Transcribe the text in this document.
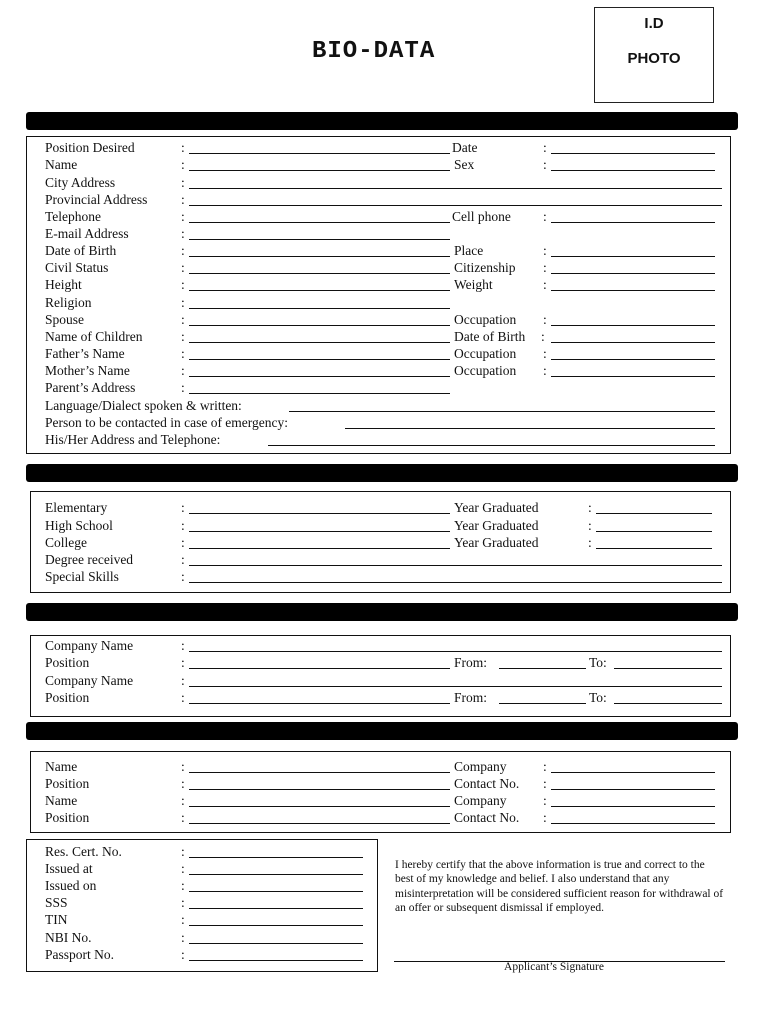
BIO-DATA
I.D
PHOTO
Position Desired	:	Date	:
Name	:	Sex	:
City Address	:
Provincial Address :
Telephone	:	Cell phone :
E-mail Address	:
Date of Birth	:	Place	:
Civil Status	:	Citizenship :
Height	:	Weight	:
Religion	:
Spouse	:	Occupation :
Name of Children	:	Date of Birth :
Father’s Name	:	Occupation :
Mother’s Name	:	Occupation :
Parent’s Address	:
Language/Dialect spoken & written:
Person to be contacted in case of emergency:
His/Her Address and Telephone:
Elementary	:	Year Graduated	:
High School	:	Year Graduated	:
College	:	Year Graduated	:
Degree received	:
Special Skills	:
Company Name	:
Position	:	From:	To:
Company Name	:
Position	:	From:	To:
Name	:	Company	:
Position	:	Contact No. :
Name	:	Company	:
Position	:	Contact No. :
Res. Cert. No.	:
Issued at	:
Issued on	:
SSS	:
TIN	:
NBI No.	:
Passport No.	:
I hereby certify that the above information is true and correct to the best of my knowledge and belief. I also understand that any misinterpretation will be considered sufficient reason for withdrawal of an offer or subsequent dismissal if employed.
Applicant’s Signature
